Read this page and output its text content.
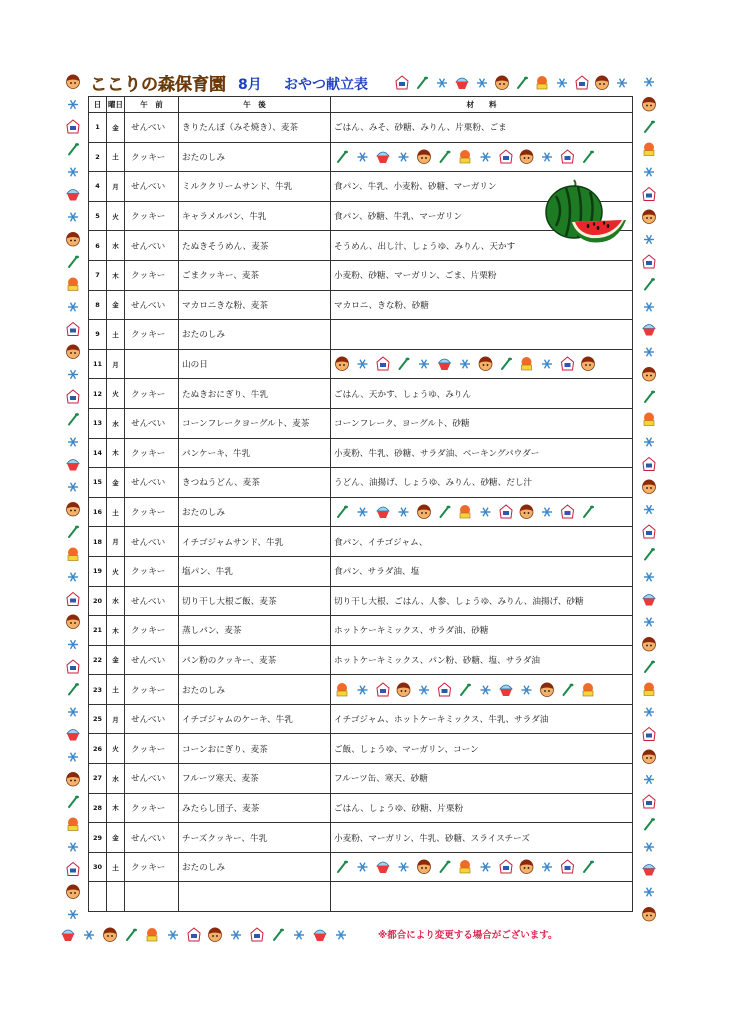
ここりの森保育園 8月 おやつ献立表
日	曜日	午　前	午　後	材　　料
1	金	せんべい	きりたんぽ（みそ焼き）、麦茶	ごはん、みそ、砂糖、みりん、片栗粉、ごま
2	土	クッキー	おたのしみ	
4	月	せんべい	ミルククリームサンド、牛乳	食パン、牛乳、小麦粉、砂糖、マーガリン
5	火	クッキー	キャラメルパン、牛乳	食パン、砂糖、牛乳、マーガリン
6	水	せんべい	たぬきそうめん、麦茶	そうめん、出し汁、しょうゆ、みりん、天かす
7	木	クッキー	ごまクッキー、麦茶	小麦粉、砂糖、マーガリン、ごま、片栗粉
8	金	せんべい	マカロニきな粉、麦茶	マカロニ、きな粉、砂糖
9	土	クッキー	おたのしみ	
11	月		山の日	
12	火	クッキー	たぬきおにぎり、牛乳	ごはん、天かす、しょうゆ、みりん
13	水	せんべい	コーンフレークヨーグルト、麦茶	コーンフレーク、ヨーグルト、砂糖
14	木	クッキー	パンケーキ、牛乳	小麦粉、牛乳、砂糖、サラダ油、ベーキングパウダー
15	金	せんべい	きつねうどん、麦茶	うどん、油揚げ、しょうゆ、みりん、砂糖、だし汁
16	土	クッキー	おたのしみ	
18	月	せんべい	イチゴジャムサンド、牛乳	食パン、イチゴジャム、
19	火	クッキー	塩パン、牛乳	食パン、サラダ油、塩
20	水	せんべい	切り干し大根ご飯、麦茶	切り干し大根、ごはん、人参、しょうゆ、みりん、油揚げ、砂糖
21	木	クッキー	蒸しパン、麦茶	ホットケーキミックス、サラダ油、砂糖
22	金	せんべい	パン粉のクッキー、麦茶	ホットケーキミックス、パン粉、砂糖、塩、サラダ油
23	土	クッキー	おたのしみ	
25	月	せんべい	イチゴジャムのケーキ、牛乳	イチゴジャム、ホットケーキミックス、牛乳、サラダ油
26	火	クッキー	コーンおにぎり、麦茶	ご飯、しょうゆ、マーガリン、コーン
27	水	せんべい	フルーツ寒天、麦茶	フルーツ缶、寒天、砂糖
28	木	クッキー	みたらし団子、麦茶	ごはん、しょうゆ、砂糖、片栗粉
29	金	せんべい	チーズクッキー、牛乳	小麦粉、マーガリン、牛乳、砂糖、スライスチーズ
30	土	クッキー	おたのしみ	

※都合により変更する場合がございます。
